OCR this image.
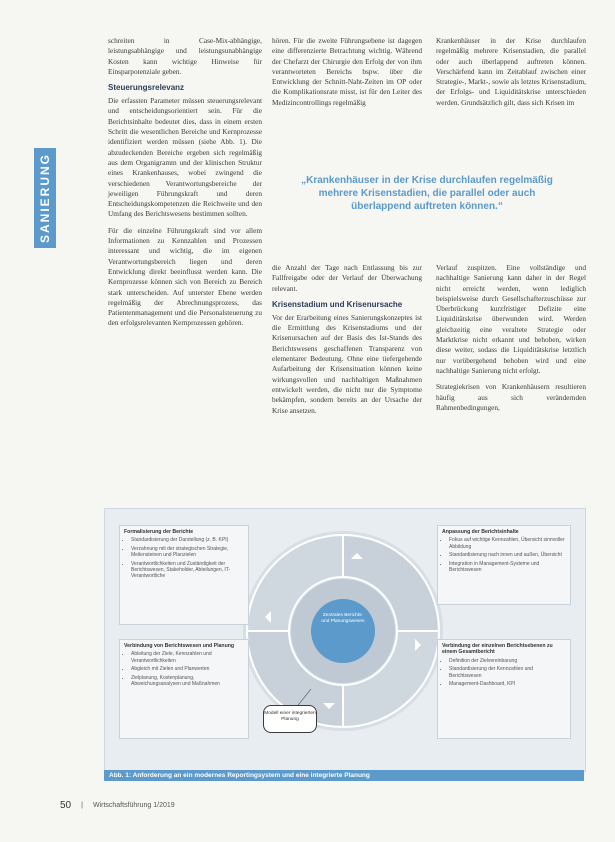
SANIERUNG

schreiten in Case-Mix-abhängige, leistungsabhängige und leistungsunabhängige Kosten kann wichtige Hinweise für Einsparpotenziale geben.

Steuerungsrelevanz

Die erfassten Parameter müssen steuerungsrelevant und entscheidungsorientiert sein. Für die Berichtsinhalte bedeutet dies, dass in einem ersten Schritt die wesentlichen Bereiche und Kernprozesse identifiziert werden müssen (siehe Abb. 1). Die abzudeckenden Bereiche ergeben sich regelmäßig aus dem Organigramm und der klinischen Struktur eines Krankenhauses, wobei zwingend die verschiedenen Verantwortungsbereiche der jeweiligen Führungskraft und deren Entscheidungskompetenzen die Reichweite und den Umfang des Berichtswesens bestimmen sollten.

Für die einzelne Führungskraft sind vor allem Informationen zu Kennzahlen und Prozessen interessant und wichtig, die im eigenen Verantwortungsbereich liegen und deren Entwicklung direkt beeinflusst werden kann. Die Kernprozesse können sich von Bereich zu Bereich stark unterscheiden. Auf unterster Ebene werden regelmäßig der Abrechnungsprozess, das Patientenmanagement und die Personalsteuerung zu den erfolgsrelevanten Kernprozessen gehören.

hören. Für die zweite Führungsebene ist dagegen eine differenzierte Betrachtung wichtig. Während der Chefarzt der Chirurgie den Erfolg der von ihm verantworteten Bereichs bspw. über die Entwicklung der Schnitt-Naht-Zeiten im OP oder die Komplikationsrate misst, ist für den Leiter des Medizincontrollings regelmäßig

Krankenhäuser in der Krise durchlaufen regelmäßig mehrere Krisenstadien, die parallel oder auch überlappend auftreten können. Verschärfend kann im Zeitablauf zwischen einer Strategie-, Markt-, sowie als letztes Krisenstadium, der Erfolgs- und Liquiditätskrise unterschieden werden. Grundsätzlich gilt, dass sich Krisen im

„Krankenhäuser in der Krise durchlaufen regelmäßig mehrere Krisenstadien, die parallel oder auch überlappend auftreten können.“

die Anzahl der Tage nach Entlassung bis zur Fallfreigabe oder der Verlauf der Überwachung relevant.

Krisenstadium und Krisenursache

Vor der Erarbeitung eines Sanierungskonzeptes ist die Ermittlung des Krisenstadiums und der Krisenursachen auf der Basis des Ist-Stands des Berichtswesens geschaffenen Transparenz von elementarer Bedeutung. Ohne eine tiefergehende Aufarbeitung der Krisensituation können keine wirkungsvollen und nachhaltigen Maßnahmen entwickelt werden, die nicht nur die Symptome bekämpfen, sondern bereits an der Ursache der Krise ansetzen.

Verlauf zuspitzen. Eine vollständige und nachhaltige Sanierung kann daher in der Regel nicht erreicht werden, wenn lediglich beispielsweise durch Gesellschafterzuschüsse zur Überbrückung kurzfristiger Defizite eine Liquiditätskrise überwunden wird. Werden gleichzeitig eine veraltete Strategie oder Marktkrise nicht erkannt und behoben, wirken diese weiter, sodass die Liquiditätskrise letztlich nur vorübergehend behoben wird und eine nachhaltige Sanierung nicht erfolgt.

Strategiekrisen von Krankenhäusern resultieren häufig aus sich verändernden Rahmenbedingungen,

Formalisierung der Berichte
• Standardisierung der Darstellung (z. B. KPI)
• Verzahnung mit der strategischen Strategie, Meilensteinen und Planzielen
• Verantwortlichkeiten und Zuständigkeit der Berichtswesen, Stakeholder, Abteilungen, IT-Verantwortliche
Anpassung der Berichtsinhalte
• Fokus auf wichtige Kennzahlen, Übersicht sinnvoller Abbildung
• Standardisierung nach innen und außen, Übersicht
• Integration in Management-Systeme und Berichtswesen
Verbindung von Berichtswesen und Planung
• Ableitung der Ziele, Kennzahlen und Verantwortlichkeiten
• Abgleich mit Zielen und Planwerten
• Zielplanung, Kostenplanung, Abweichungsanalysen und Maßnahmen
Verbindung der einzelnen Berichtsebenen zu einem Gesamtbericht
• Definition der Zielvereinbarung
• Standardisierung der Kennzahlen und Berichtswesen
• Management-Dashboard, KPI
Zentrales Berichts- und Planungswesen
Modell einer integrierten Planung
Abb. 1: Anforderung an ein modernes Reportingsystem und eine integrierte Planung
50 | Wirtschaftsführung 1/2019
